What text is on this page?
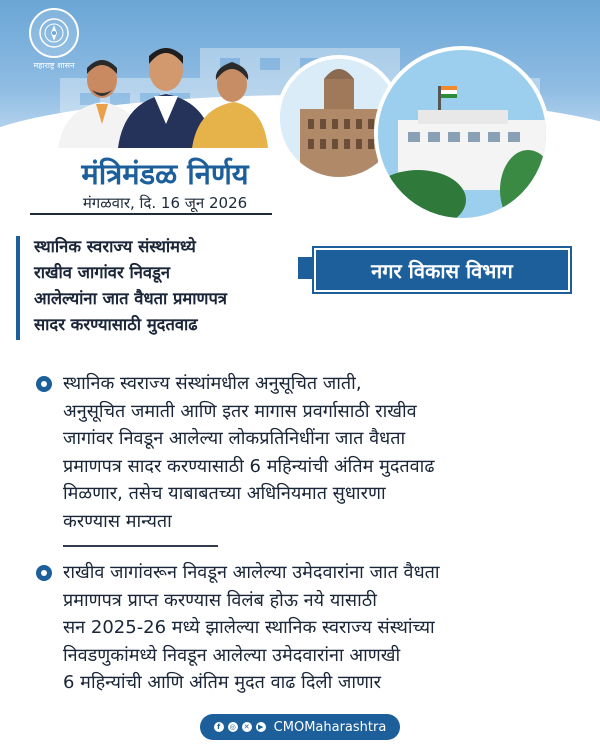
महाराष्ट्र शासन
नगर विकास विभाग
मंत्रिमंडळ निर्णय
मंगळवार, दि. 16 जून 2026
स्थानिक स्वराज्य संस्थांमध्ये
राखीव जागांवर निवडून
आलेल्यांना जात वैधता प्रमाणपत्र
सादर करण्यासाठी मुदतवाढ
स्थानिक स्वराज्य संस्थांमधील अनुसूचित जाती,
अनुसूचित जमाती आणि इतर मागास प्रवर्गासाठी राखीव
जागांवर निवडून आलेल्या लोकप्रतिनिधींना जात वैधता
प्रमाणपत्र सादर करण्यासाठी 6 महिन्यांची अंतिम मुदतवाढ
मिळणार, तसेच याबाबतच्या अधिनियमात सुधारणा
करण्यास मान्यता
राखीव जागांवरून निवडून आलेल्या उमेदवारांना जात वैधता
प्रमाणपत्र प्राप्त करण्यास विलंब होऊ नये यासाठी
सन 2025-26 मध्ये झालेल्या स्थानिक स्वराज्य संस्थांच्या
निवडणुकांमध्ये निवडून आलेल्या उमेदवारांना आणखी
6 महिन्यांची आणि अंतिम मुदत वाढ दिली जाणार
f	◎ ✕	▶ CMOMaharashtra
